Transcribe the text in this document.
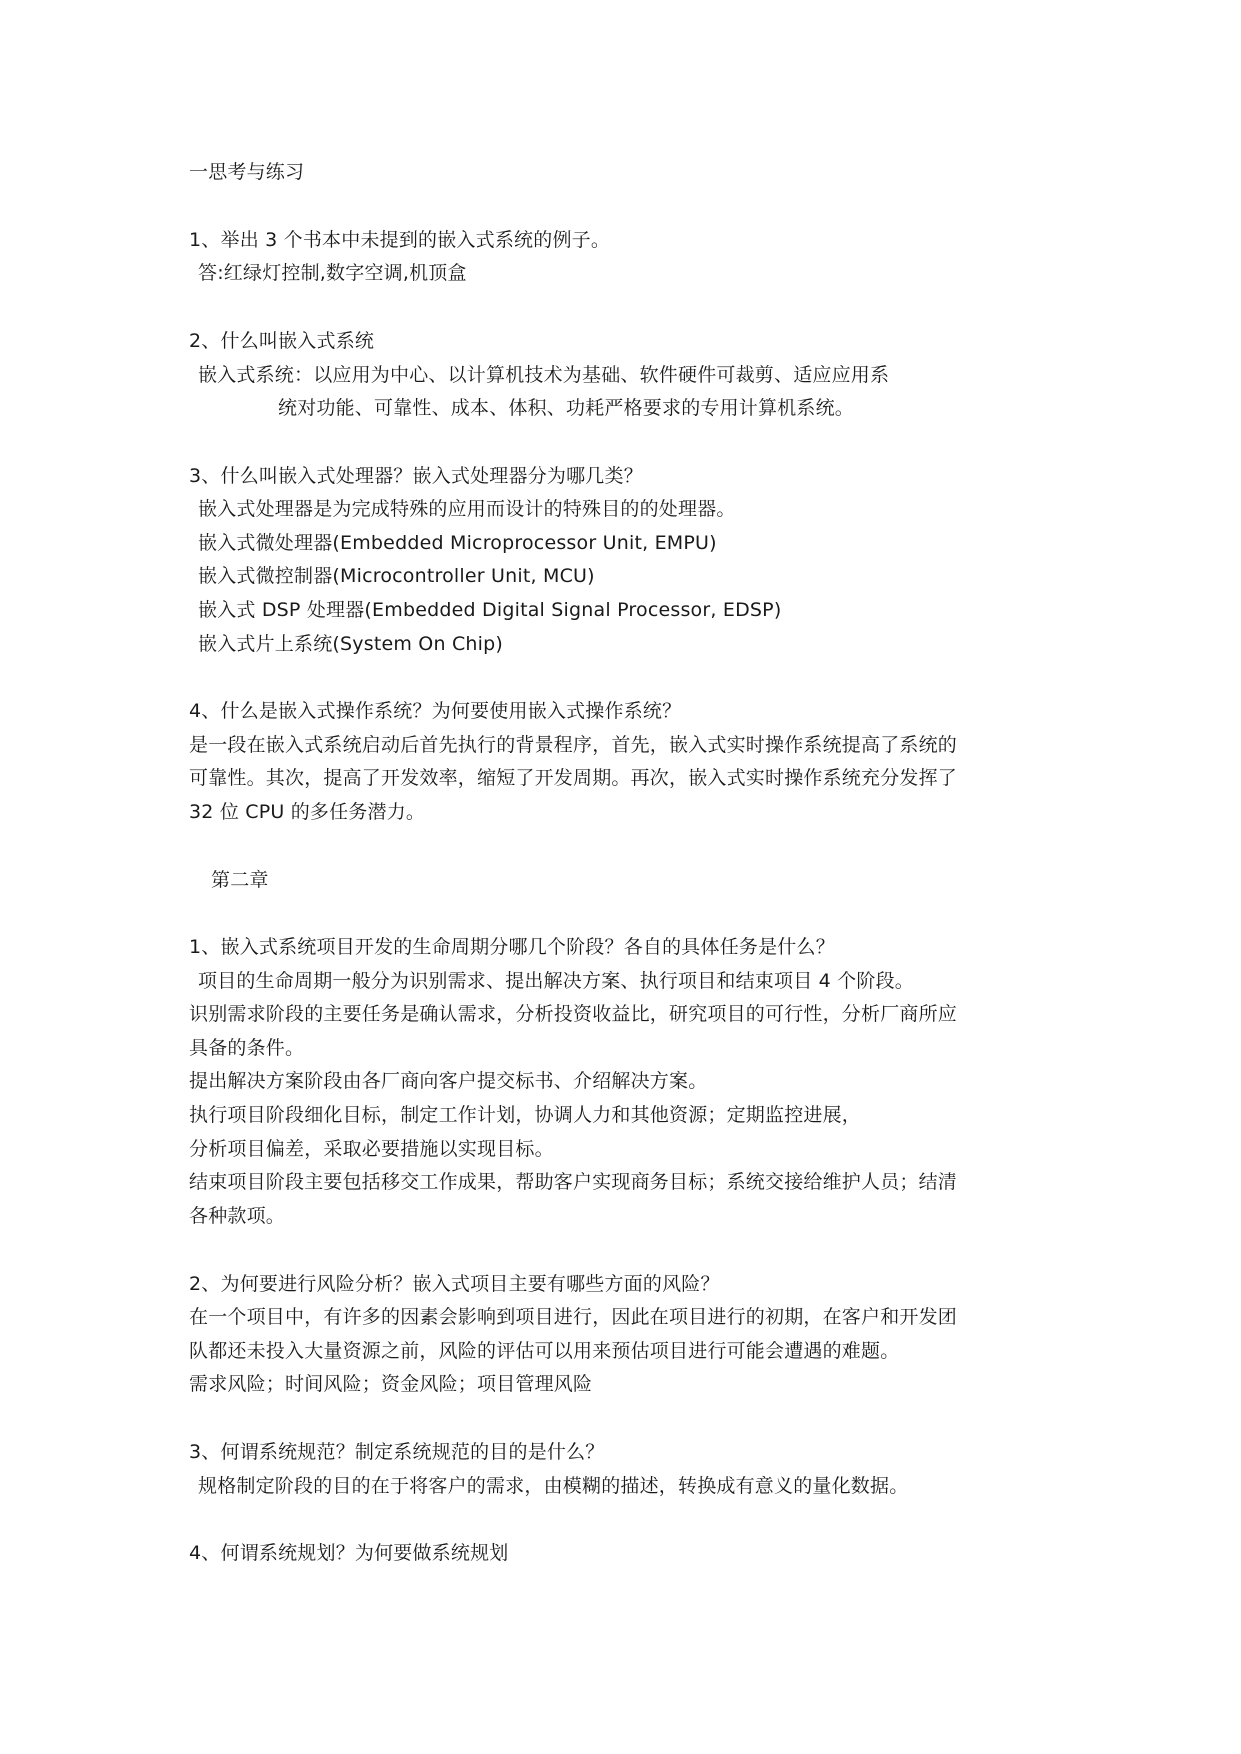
一思考与练习
1、举出 3 个书本中未提到的嵌入式系统的例子。
答:红绿灯控制,数字空调,机顶盒
2、什么叫嵌入式系统
嵌入式系统：以应用为中心、以计算机技术为基础、软件硬件可裁剪、适应应用系
统对功能、可靠性、成本、体积、功耗严格要求的专用计算机系统。
3、什么叫嵌入式处理器？嵌入式处理器分为哪几类？
嵌入式处理器是为完成特殊的应用而设计的特殊目的的处理器。
嵌入式微处理器(Embedded Microprocessor Unit, EMPU)
嵌入式微控制器(Microcontroller Unit, MCU)
嵌入式 DSP 处理器(Embedded Digital Signal Processor, EDSP)
嵌入式片上系统(System On Chip)
4、什么是嵌入式操作系统？为何要使用嵌入式操作系统？
是一段在嵌入式系统启动后首先执行的背景程序，首先，嵌入式实时操作系统提高了系统的
可靠性。其次，提高了开发效率，缩短了开发周期。再次，嵌入式实时操作系统充分发挥了
32 位 CPU 的多任务潜力。
第二章
1、嵌入式系统项目开发的生命周期分哪几个阶段？各自的具体任务是什么？
项目的生命周期一般分为识别需求、提出解决方案、执行项目和结束项目 4 个阶段。
识别需求阶段的主要任务是确认需求，分析投资收益比，研究项目的可行性，分析厂商所应
具备的条件。
提出解决方案阶段由各厂商向客户提交标书、介绍解决方案。
执行项目阶段细化目标，制定工作计划，协调人力和其他资源；定期监控进展，
分析项目偏差，采取必要措施以实现目标。
结束项目阶段主要包括移交工作成果，帮助客户实现商务目标；系统交接给维护人员；结清
各种款项。
2、为何要进行风险分析？嵌入式项目主要有哪些方面的风险？
在一个项目中，有许多的因素会影响到项目进行，因此在项目进行的初期，在客户和开发团
队都还未投入大量资源之前，风险的评估可以用来预估项目进行可能会遭遇的难题。
需求风险；时间风险；资金风险；项目管理风险
3、何谓系统规范？制定系统规范的目的是什么？
规格制定阶段的目的在于将客户的需求，由模糊的描述，转换成有意义的量化数据。
4、何谓系统规划？为何要做系统规划
